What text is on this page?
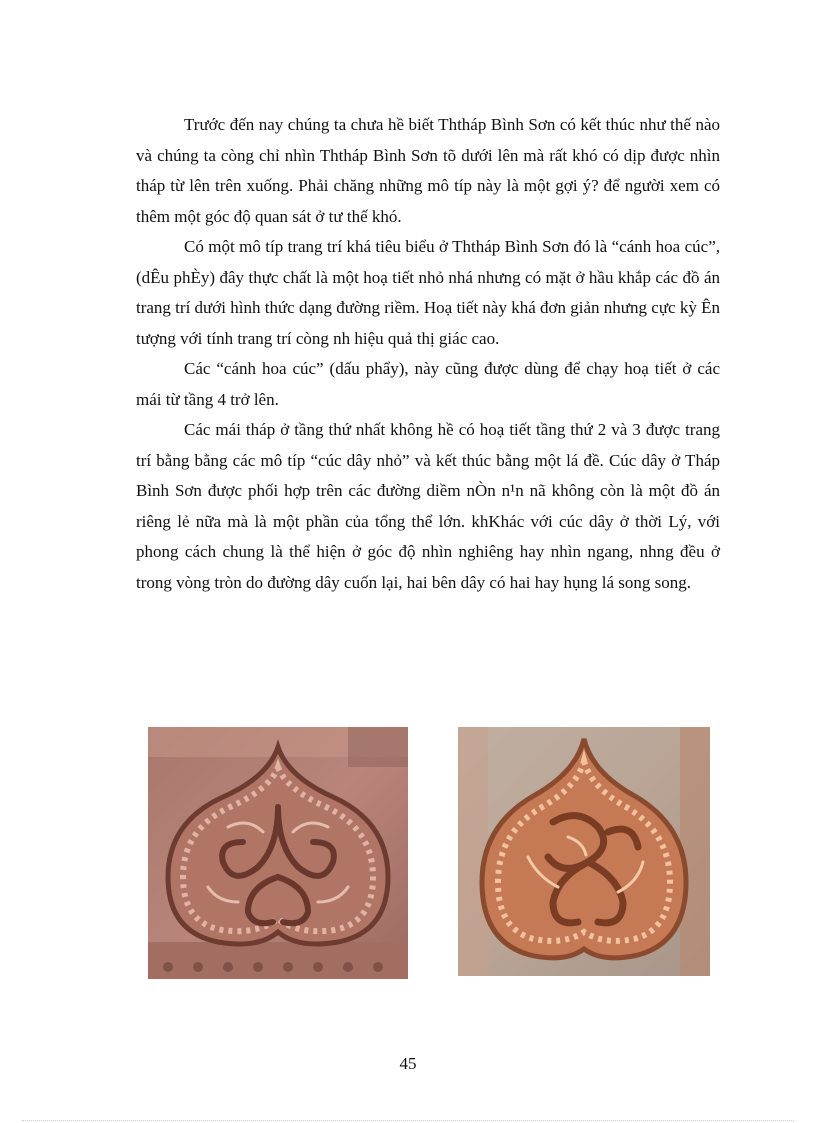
Trước đến nay chúng ta chưa hề biết Ththáp Bình Sơn có kết thúc như thế nào và chúng ta còng chỉ nhìn Ththáp Bình Sơn tõ dưới lên mà rất khó có dịp được nhìn tháp từ lên trên xuống. Phải chăng những mô típ này là một gợi ý? để người xem có thêm một góc độ quan sát ở tư thế khó.

Có một mô típ trang trí khá tiêu biểu ở Ththáp Bình Sơn đó là “cánh hoa cúc”, (dÊu phÈy) đây thực chất là một hoạ tiết nhỏ nhá nhưng có mặt ở hầu khắp các đồ án trang trí dưới hình thức dạng đường riềm. Hoạ tiết này khá đơn giản nhưng cực kỳ Ên tượng với tính trang trí còng nh hiệu quả thị giác cao.

Các “cánh hoa cúc” (dấu phẩy), này cũng được dùng để chạy hoạ tiết ở các mái từ tầng 4 trở lên.

Các mái tháp ở tầng thứ nhất không hề có hoạ tiết tầng thứ 2 và 3 được trang trí bằng bằng các mô típ “cúc dây nhỏ” và kết thúc bằng một lá đề. Cúc dây ở Tháp Bình Sơn được phối hợp trên các đường diềm nÒn n¹n nã không còn là một đồ án riêng lẻ nữa mà là một phần của tổng thể lớn. khKhác với cúc dây ở thời Lý, với phong cách chung là thể hiện ở góc độ nhìn nghiêng hay nhìn ngang, nhng đều ở trong vòng tròn do đường dây cuốn lại, hai bên dây có hai hay hụng lá song song.

45
